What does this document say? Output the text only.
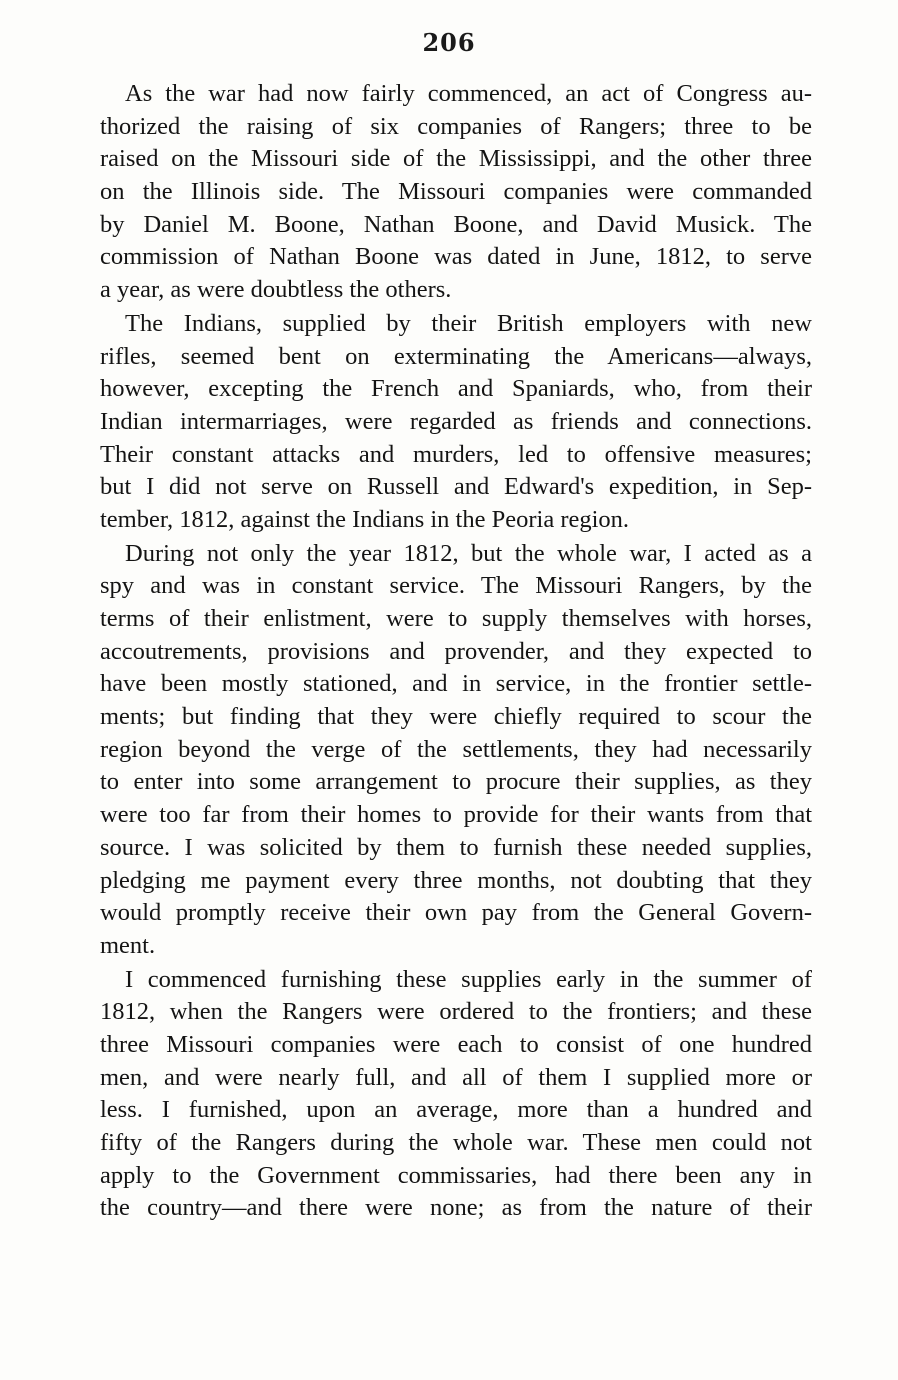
206
As the war had now fairly commenced, an act of Congress au-
thorized the raising of six companies of Rangers; three to be
raised on the Missouri side of the Mississippi, and the other three
on the Illinois side. The Missouri companies were commanded
by Daniel M. Boone, Nathan Boone, and David Musick. The
commission of Nathan Boone was dated in June, 1812, to serve
a year, as were doubtless the others.
The Indians, supplied by their British employers with new
rifles, seemed bent on exterminating the Americans—always,
however, excepting the French and Spaniards, who, from their
Indian intermarriages, were regarded as friends and connections.
Their constant attacks and murders, led to offensive measures;
but I did not serve on Russell and Edward's expedition, in Sep-
tember, 1812, against the Indians in the Peoria region.
During not only the year 1812, but the whole war, I acted as a
spy and was in constant service. The Missouri Rangers, by the
terms of their enlistment, were to supply themselves with horses,
accoutrements, provisions and provender, and they expected to
have been mostly stationed, and in service, in the frontier settle-
ments; but finding that they were chiefly required to scour the
region beyond the verge of the settlements, they had necessarily
to enter into some arrangement to procure their supplies, as they
were too far from their homes to provide for their wants from that
source. I was solicited by them to furnish these needed supplies,
pledging me payment every three months, not doubting that they
would promptly receive their own pay from the General Govern-
ment.
I commenced furnishing these supplies early in the summer of
1812, when the Rangers were ordered to the frontiers; and these
three Missouri companies were each to consist of one hundred
men, and were nearly full, and all of them I supplied more or
less. I furnished, upon an average, more than a hundred and
fifty of the Rangers during the whole war. These men could not
apply to the Government commissaries, had there been any in
the country—and there were none; as from the nature of their
